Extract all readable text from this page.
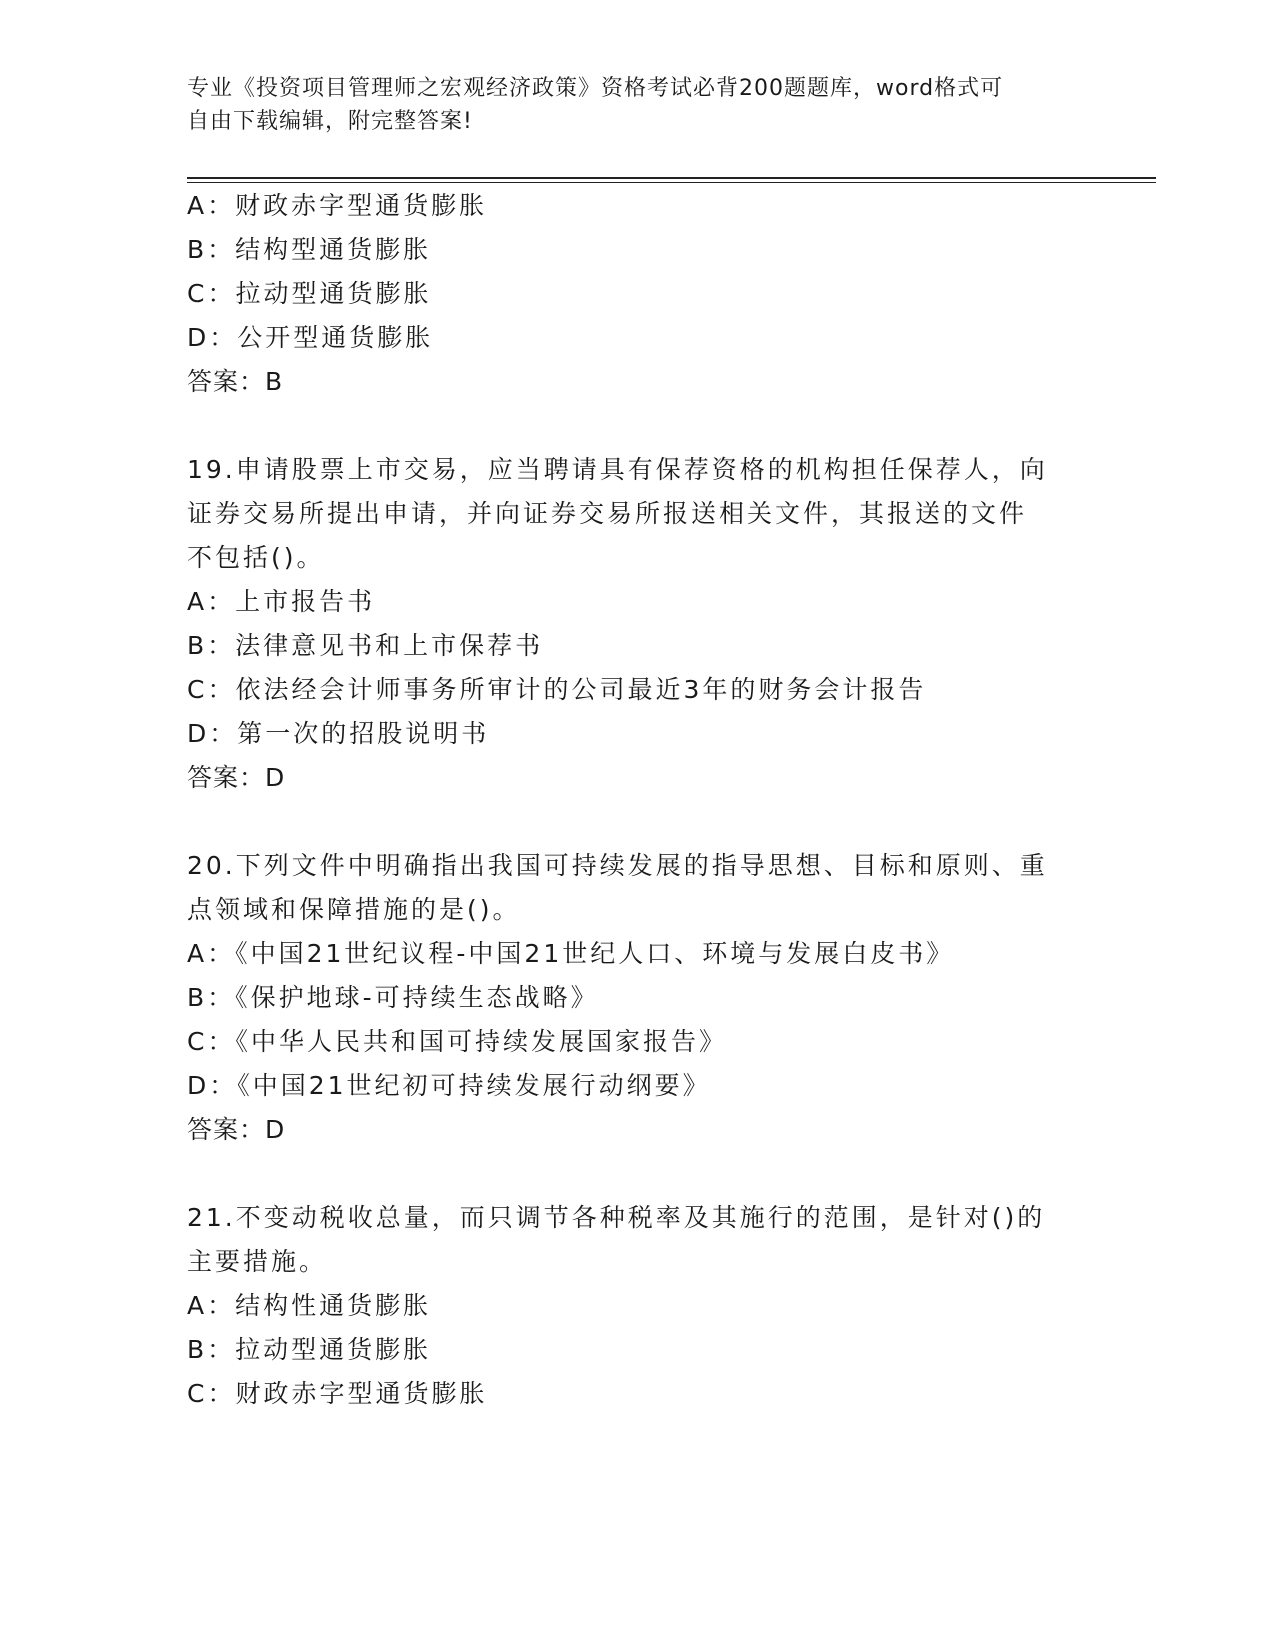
专业《投资项目管理师之宏观经济政策》资格考试必背200题题库，word格式可
自由下载编辑，附完整答案!
A：财政赤字型通货膨胀
B：结构型通货膨胀
C：拉动型通货膨胀
D：公开型通货膨胀
答案：B
19.申请股票上市交易，应当聘请具有保荐资格的机构担任保荐人，向
证券交易所提出申请，并向证券交易所报送相关文件，其报送的文件
不包括()。
A：上市报告书
B：法律意见书和上市保荐书
C：依法经会计师事务所审计的公司最近3年的财务会计报告
D：第一次的招股说明书
答案：D
20.下列文件中明确指出我国可持续发展的指导思想、目标和原则、重
点领域和保障措施的是()。
A：《中国21世纪议程-中国21世纪人口、环境与发展白皮书》
B：《保护地球-可持续生态战略》
C：《中华人民共和国可持续发展国家报告》
D：《中国21世纪初可持续发展行动纲要》
答案：D
21.不变动税收总量，而只调节各种税率及其施行的范围，是针对()的
主要措施。
A：结构性通货膨胀
B：拉动型通货膨胀
C：财政赤字型通货膨胀
